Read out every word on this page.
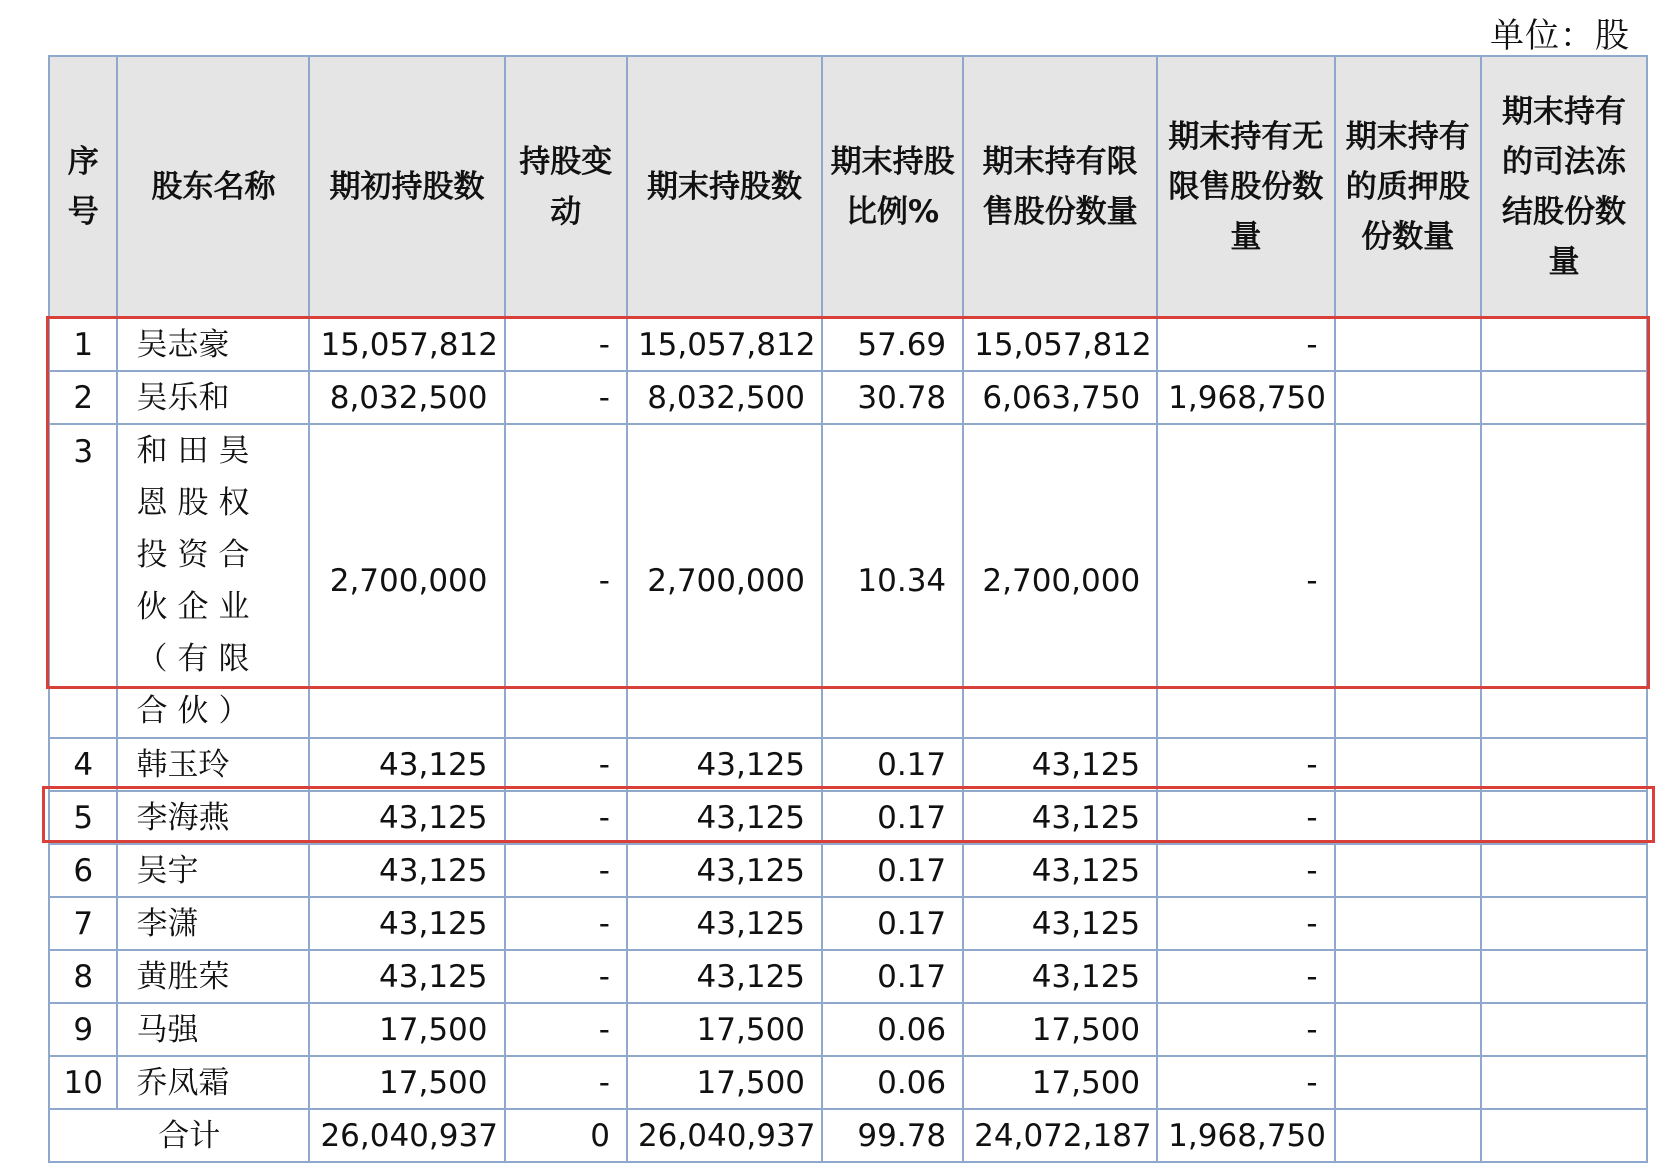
单位：股
序号	股东名称	期初持股数	持股变动	期末持股数	期末持股比例%	期末持有限售股份数量	期末持有无限售股份数量	期末持有的质押股份数量	期末持有的司法冻结股份数量
1	吴志豪	15,057,812	-	15,057,812	57.69	15,057,812	-		
2	吴乐和	8,032,500	-	8,032,500	30.78	6,063,750	1,968,750		
3	和田昊恩股权投资合伙企业（有限合伙）	2,700,000	-	2,700,000	10.34	2,700,000	-		
4	韩玉玲	43,125	-	43,125	0.17	43,125	-		
5	李海燕	43,125	-	43,125	0.17	43,125	-		
6	吴宇	43,125	-	43,125	0.17	43,125	-		
7	李潇	43,125	-	43,125	0.17	43,125	-		
8	黄胜荣	43,125	-	43,125	0.17	43,125	-		
9	马强	17,500	-	17,500	0.06	17,500	-		
10	乔凤霜	17,500	-	17,500	0.06	17,500	-		
合计		26,040,937	0	26,040,937	99.78	24,072,187	1,968,750		
